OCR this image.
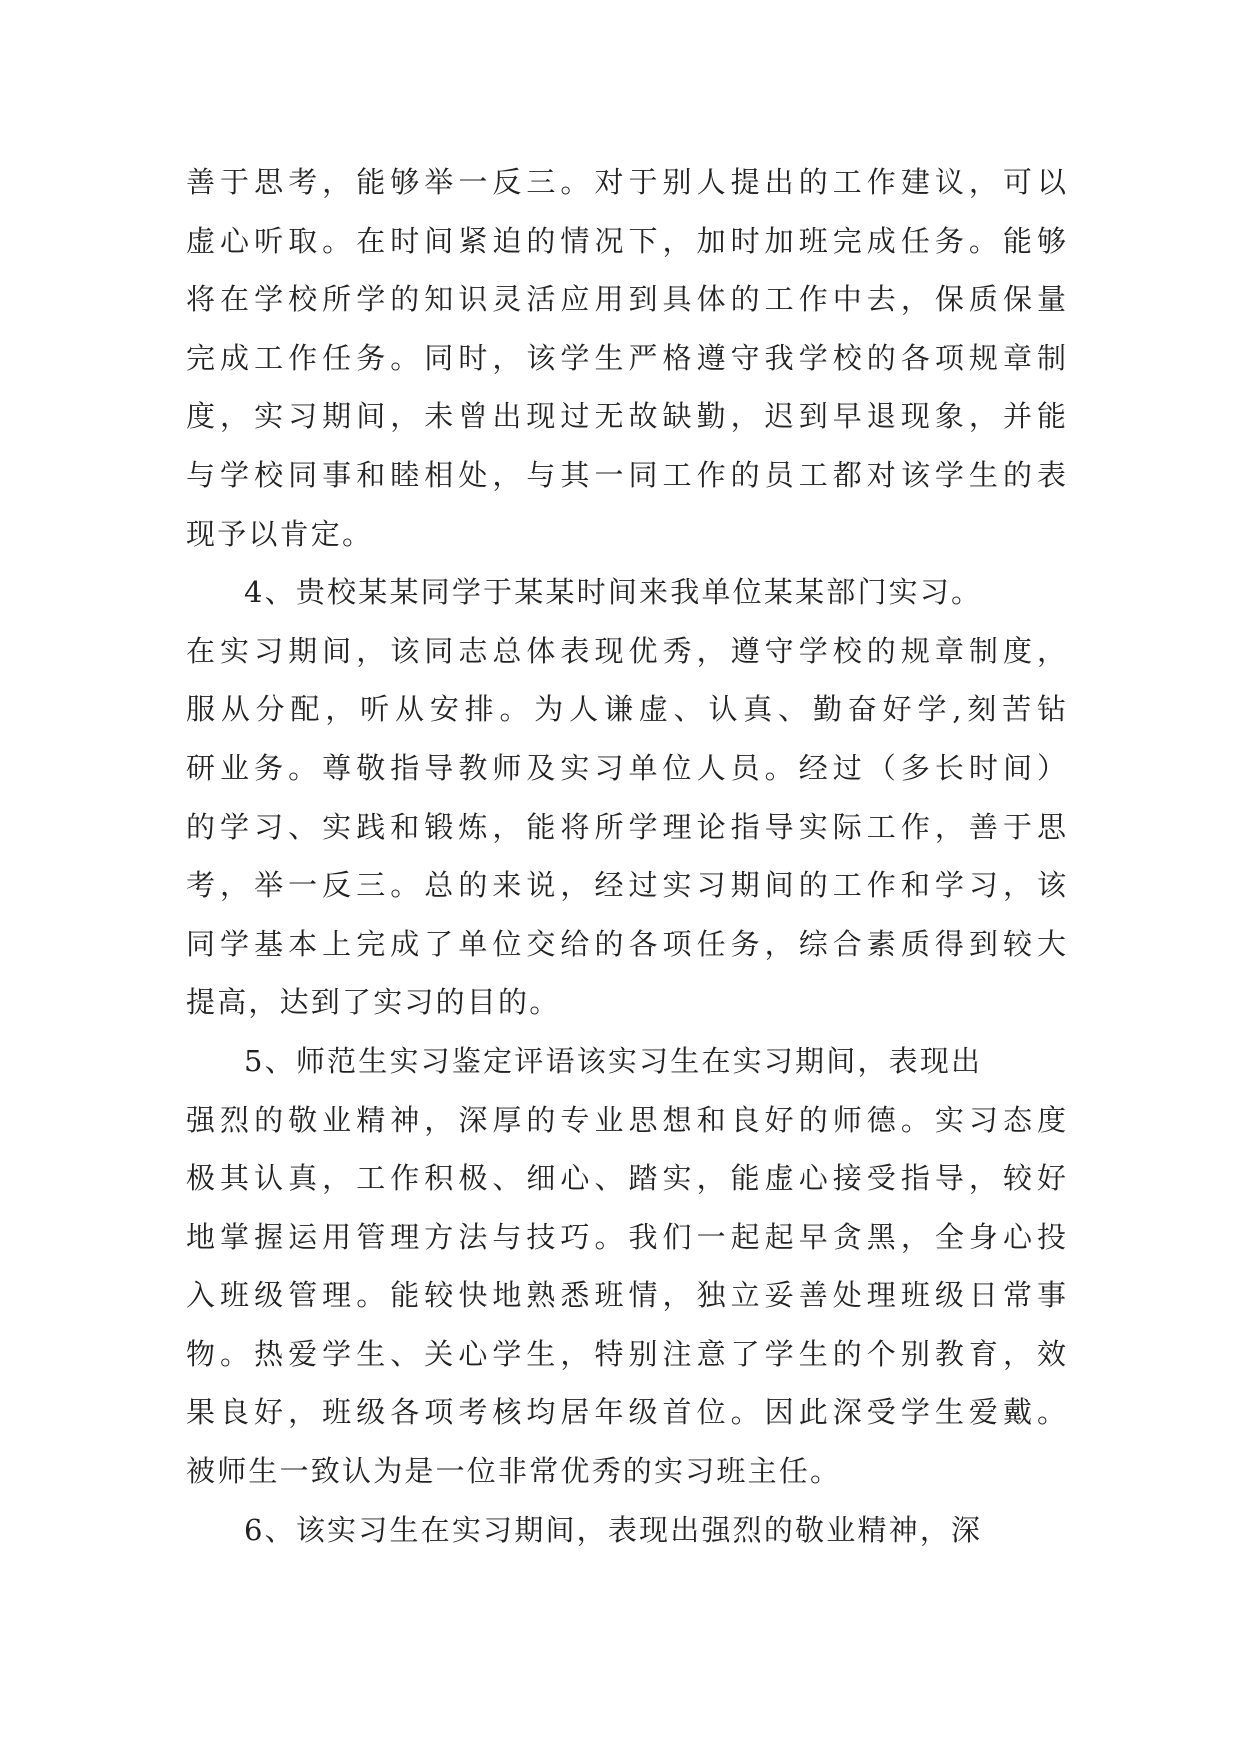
善于思考，能够举一反三。对于别人提出的工作建议，可以
虚心听取。在时间紧迫的情况下，加时加班完成任务。能够
将在学校所学的知识灵活应用到具体的工作中去，保质保量
完成工作任务。同时，该学生严格遵守我学校的各项规章制
度，实习期间，未曾出现过无故缺勤，迟到早退现象，并能
与学校同事和睦相处，与其一同工作的员工都对该学生的表
现予以肯定。
4、贵校某某同学于某某时间来我单位某某部门实习。
在实习期间，该同志总体表现优秀，遵守学校的规章制度，
服从分配，听从安排。为人谦虚、认真、勤奋好学,刻苦钻
研业务。尊敬指导教师及实习单位人员。经过（多长时间）
的学习、实践和锻炼，能将所学理论指导实际工作，善于思
考，举一反三。总的来说，经过实习期间的工作和学习，该
同学基本上完成了单位交给的各项任务，综合素质得到较大
提高，达到了实习的目的。
5、师范生实习鉴定评语该实习生在实习期间，表现出
强烈的敬业精神，深厚的专业思想和良好的师德。实习态度
极其认真，工作积极、细心、踏实，能虚心接受指导，较好
地掌握运用管理方法与技巧。我们一起起早贪黑，全身心投
入班级管理。能较快地熟悉班情，独立妥善处理班级日常事
物。热爱学生、关心学生，特别注意了学生的个别教育，效
果良好，班级各项考核均居年级首位。因此深受学生爱戴。
被师生一致认为是一位非常优秀的实习班主任。
6、该实习生在实习期间，表现出强烈的敬业精神，深
